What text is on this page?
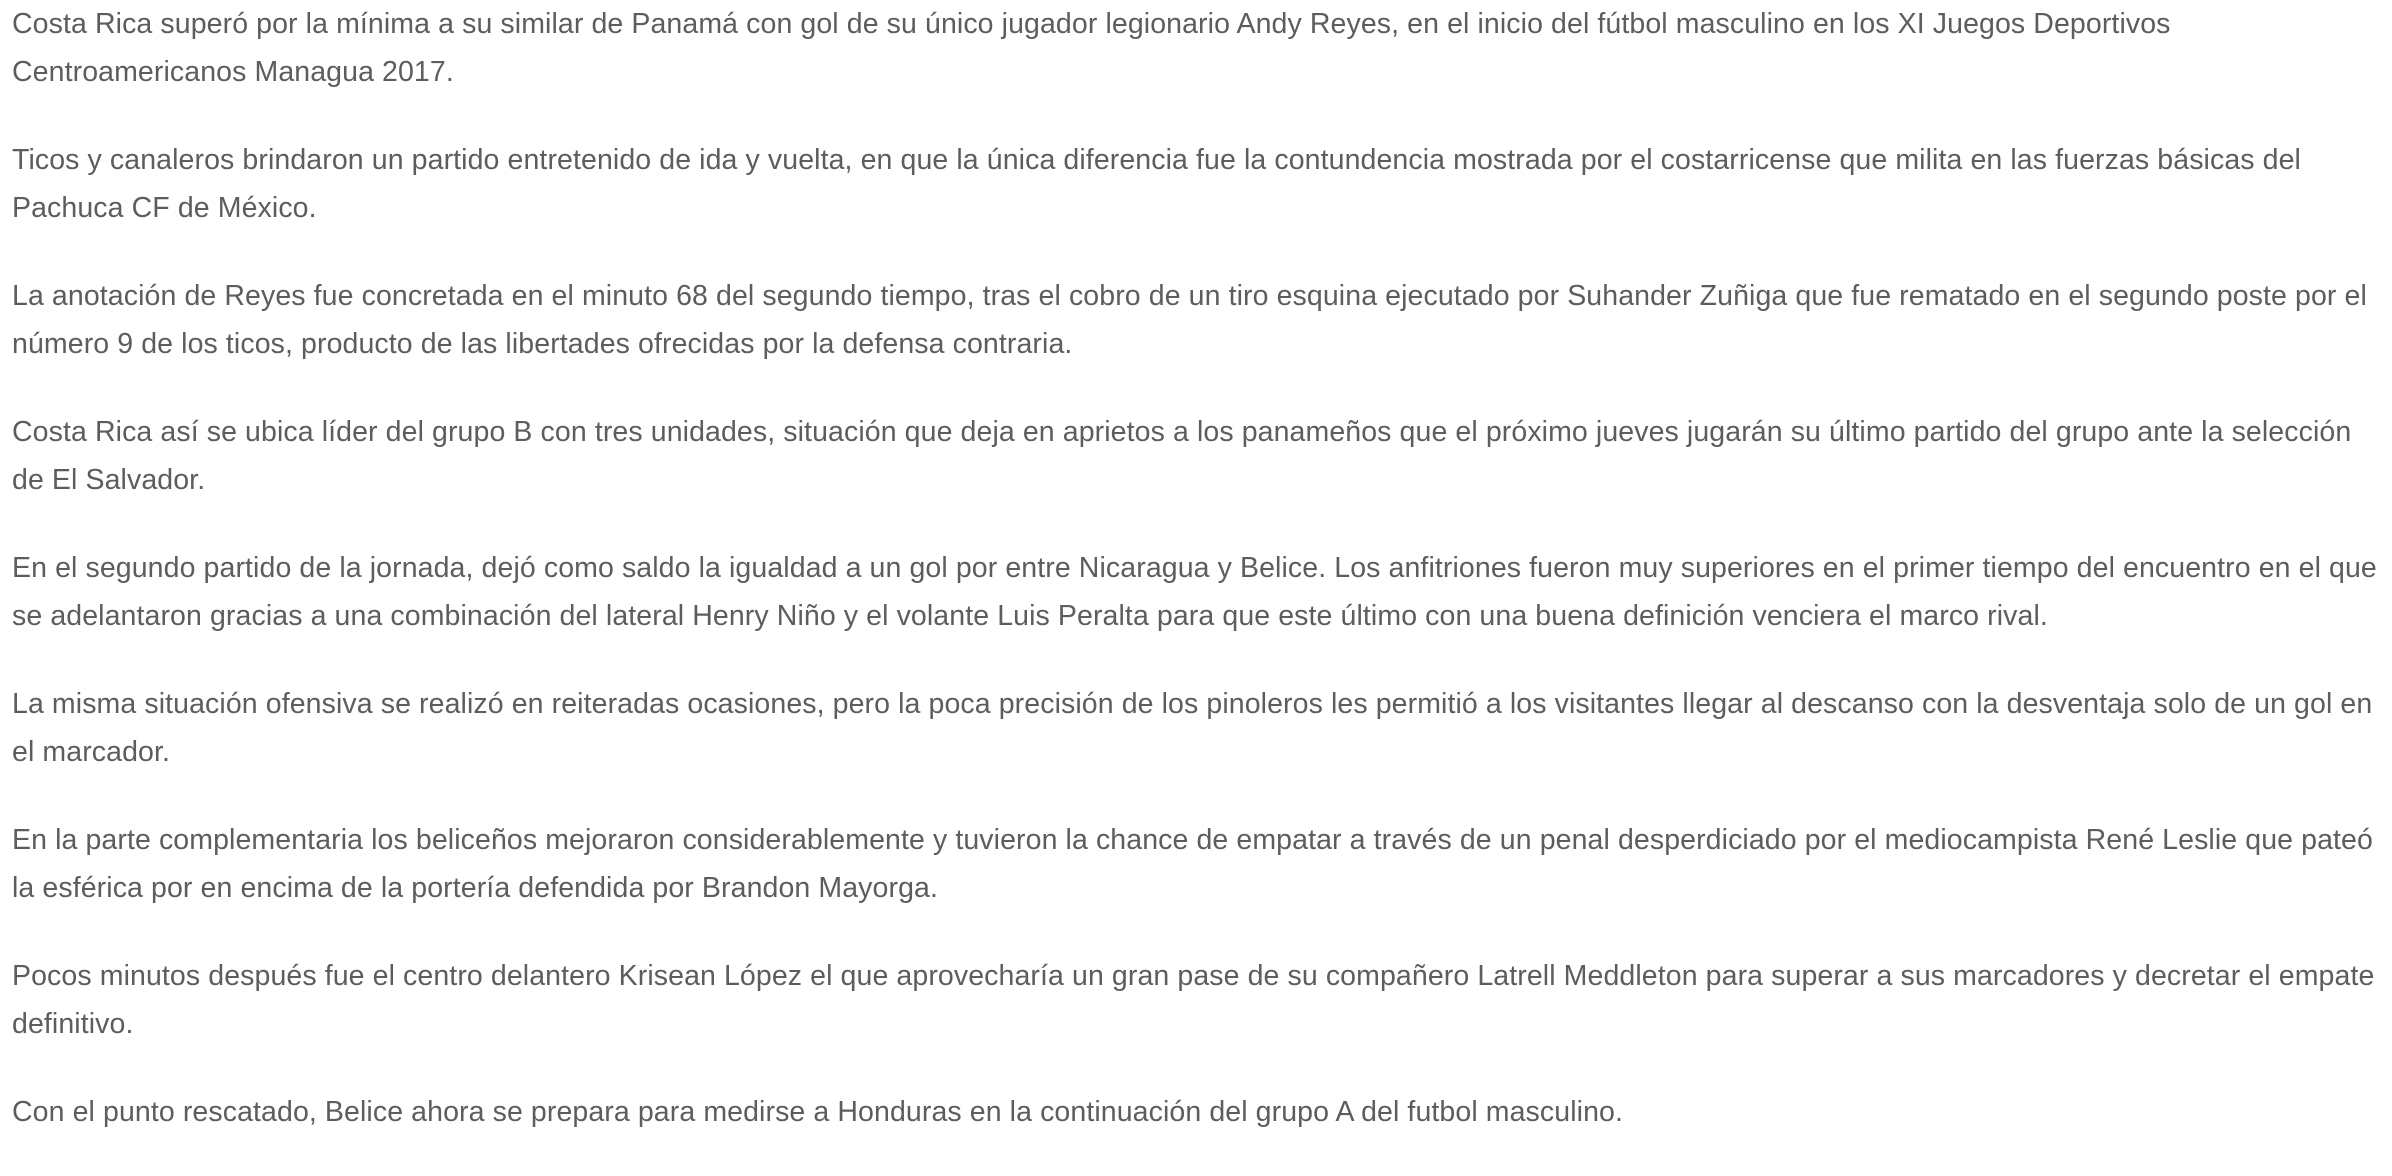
Costa Rica superó por la mínima a su similar de Panamá con gol de su único jugador legionario Andy Reyes, en el inicio del fútbol masculino en los XI Juegos Deportivos Centroamericanos Managua 2017.

Ticos y canaleros brindaron un partido entretenido de ida y vuelta, en que la única diferencia fue la contundencia mostrada por el costarricense que milita en las fuerzas básicas del Pachuca CF de México.

La anotación de Reyes fue concretada en el minuto 68 del segundo tiempo, tras el cobro de un tiro esquina ejecutado por Suhander Zuñiga que fue rematado en el segundo poste por el número 9 de los ticos, producto de las libertades ofrecidas por la defensa contraria.

Costa Rica así se ubica líder del grupo B con tres unidades, situación que deja en aprietos a los panameños que el próximo jueves jugarán su último partido del grupo ante la selección de El Salvador.

En el segundo partido de la jornada, dejó como saldo la igualdad a un gol por entre Nicaragua y Belice. Los anfitriones fueron muy superiores en el primer tiempo del encuentro en el que se adelantaron gracias a una combinación del lateral Henry Niño y el volante Luis Peralta para que este último con una buena definición venciera el marco rival.

La misma situación ofensiva se realizó en reiteradas ocasiones, pero la poca precisión de los pinoleros les permitió a los visitantes llegar al descanso con la desventaja solo de un gol en el marcador.

En la parte complementaria los beliceños mejoraron considerablemente y tuvieron la chance de empatar a través de un penal desperdiciado por el mediocampista René Leslie que pateó la esférica por en encima de la portería defendida por Brandon Mayorga.

Pocos minutos después fue el centro delantero Krisean López el que aprovecharía un gran pase de su compañero Latrell Meddleton para superar a sus marcadores y decretar el empate definitivo.

Con el punto rescatado, Belice ahora se prepara para medirse a Honduras en la continuación del grupo A del futbol masculino.
